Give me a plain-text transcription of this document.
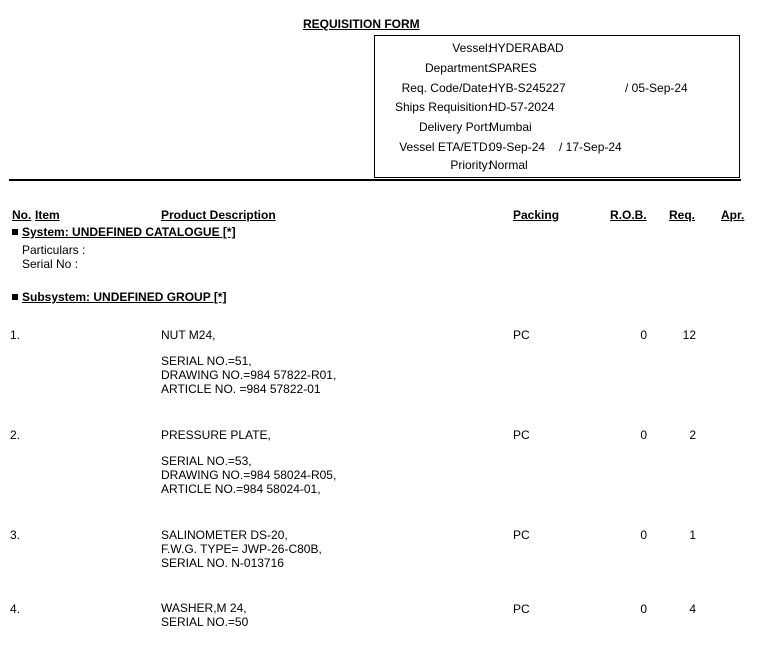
REQUISITION FORM
Vessel:
HYDERABAD
Department:
SPARES
Req. Code/Date:
HYB-S245227	/ 05-Sep-24
Ships Requisition:
HD-57-2024
Delivery Port:
Mumbai
Vessel ETA/ETD:
09-Sep-24 / 17-Sep-24
Priority:
Normal
No. Item	Product Description	Packing	R.O.B. Req. Apr.
System: UNDEFINED CATALOGUE [*]
Particulars :
Serial No :
Subsystem: UNDEFINED GROUP [*]
1.	NUT M24,
SERIAL NO.=51,
DRAWING NO.=984 57822-R01,
ARTICLE NO. =984 57822-01
PC	0	12
2.	PRESSURE PLATE,
SERIAL NO.=53,
DRAWING NO.=984 58024-R05,
ARTICLE NO.=984 58024-01,
PC	0	2
3.	SALINOMETER DS-20,
F.W.G. TYPE= JWP-26-C80B,
SERIAL NO. N-013716
PC	0	1
4.	WASHER,M 24,
SERIAL NO.=50
PC	0	4
